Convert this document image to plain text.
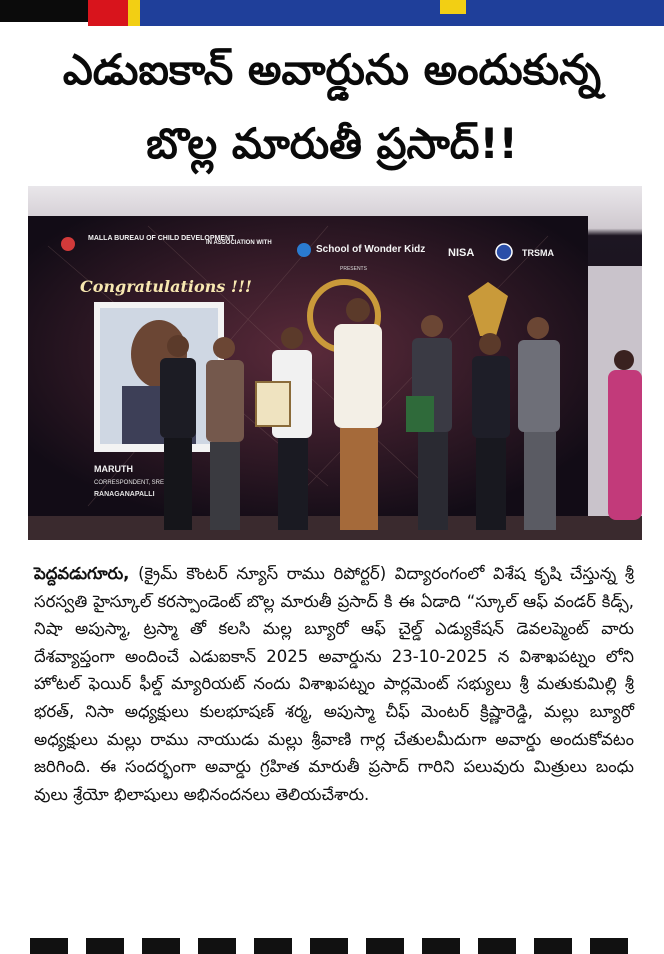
ఎడుఐకాన్ అవార్డును అందుకున్న
బొల్ల మారుతీ ప్రసాద్!!
MALLA BUREAU OF CHILD DEVELOPMENT
IN ASSOCIATION WITH
School of Wonder Kidz
PRESENTS
NISA	TRSMA
Congratulations !!!
MARUTH
CORRESPONDENT, SRE
RANAGANAPALLI
పెద్దవడుగూరు, (క్రైమ్ కౌంటర్ న్యూస్ రాము రిపోర్టర్) విద్యారంగంలో విశేష కృషి చేస్తున్న శ్రీ సరస్వతి హైస్కూల్ కరస్పాండెంట్ బొల్ల మారుతీ ప్రసాద్ కి ఈ ఏడాది “స్కూల్ ఆఫ్ వండర్ కిడ్స్, నిషా అపుస్మా, ట్రస్మా తో కలసి మల్ల బ్యూరో ఆఫ్ చైల్డ్ ఎడ్యుకేషన్ డెవలప్మెంట్ వారు దేశవ్యాప్తంగా అందించే ఎడుఐకాన్ 2025 అవార్డును 23-10-2025 న విశాఖపట్నం లోని హోటల్ ఫెయిర్ ఫీల్డ్ మ్యారియట్ నందు విశాఖపట్నం పార్లమెంట్ సభ్యులు శ్రీ మతుకుమిల్లి శ్రీ భరత్, నిసా అధ్యక్షులు కులభూషణ్ శర్మ, అపుస్మా చీఫ్ మెంటర్ క్రిష్ణారెడ్డి, మల్లు బ్యూరో అధ్యక్షులు మల్లు రాము నాయుడు మల్లు శ్రీవాణి గార్ల చేతులమీదుగా అవార్డు అందుకోవటం జరిగింది. ఈ సందర్భంగా అవార్డు గ్రహిత మారుతీ ప్రసాద్ గారిని పలువురు మిత్రులు బంధు వులు శ్రేయో భిలాషులు అభినందనలు తెలియచేశారు.
